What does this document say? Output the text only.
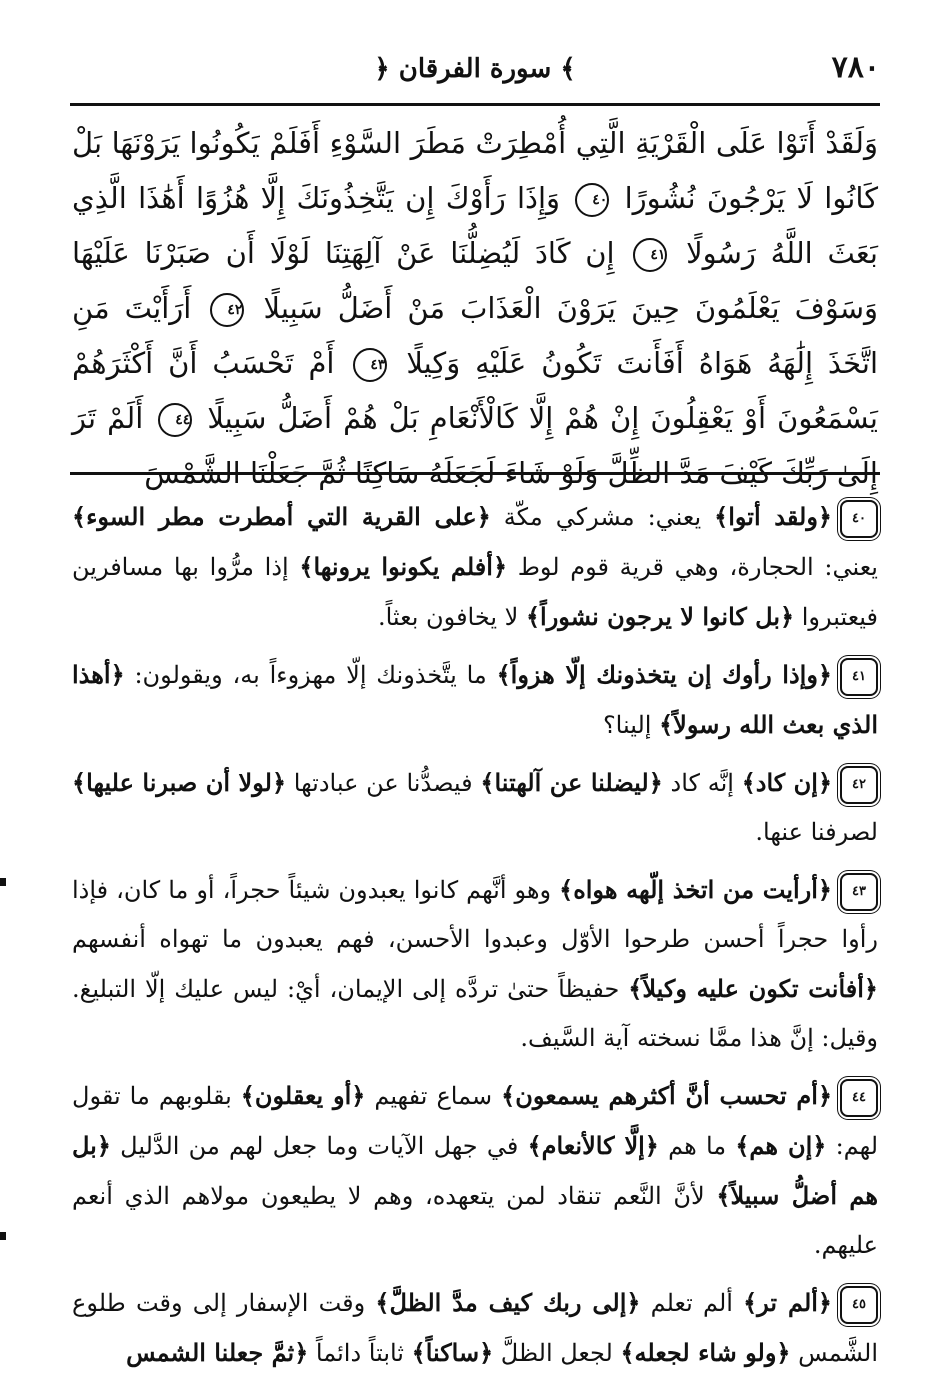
٧٨٠
﴿ سورة الفرقان ﴾
وَلَقَدْ أَتَوْا عَلَى الْقَرْيَةِ الَّتِي أُمْطِرَتْ مَطَرَ السَّوْءِ أَفَلَمْ يَكُونُوا يَرَوْنَهَا بَلْ كَانُوا لَا يَرْجُونَ نُشُورًا ٤٠ وَإِذَا رَأَوْكَ إِن يَتَّخِذُونَكَ إِلَّا هُزُوًا أَهَٰذَا الَّذِي بَعَثَ اللَّهُ رَسُولًا ٤١ إِن كَادَ لَيُضِلُّنَا عَنْ آلِهَتِنَا لَوْلَا أَن صَبَرْنَا عَلَيْهَا وَسَوْفَ يَعْلَمُونَ حِينَ يَرَوْنَ الْعَذَابَ مَنْ أَضَلُّ سَبِيلًا ٤٢ أَرَأَيْتَ مَنِ اتَّخَذَ إِلَٰهَهُ هَوَاهُ أَفَأَنتَ تَكُونُ عَلَيْهِ وَكِيلًا ٤٣ أَمْ تَحْسَبُ أَنَّ أَكْثَرَهُمْ يَسْمَعُونَ أَوْ يَعْقِلُونَ إِنْ هُمْ إِلَّا كَالْأَنْعَامِ بَلْ هُمْ أَضَلُّ سَبِيلًا ٤٤ أَلَمْ تَرَ إِلَىٰ رَبِّكَ كَيْفَ مَدَّ الظِّلَّ وَلَوْ شَاءَ لَجَعَلَهُ سَاكِنًا ثُمَّ جَعَلْنَا الشَّمْسَ

٤٠﴿ولقد أتوا﴾ يعني: مشركي مكّة ﴿على القرية التي أمطرت مطر السوء﴾ يعني: الحجارة، وهي قرية قوم لوط ﴿أفلم يكونوا يرونها﴾ إذا مرُّوا بها مسافرين فيعتبروا ﴿بل كانوا لا يرجون نشوراً﴾ لا يخافون بعثاً.

٤١﴿وإذا رأوك إن يتخذونك إلّا هزواً﴾ ما يتَّخذونك إلّا مهزوءاً به، ويقولون: ﴿أهذا الذي بعث الله رسولاً﴾ إلينا؟

٤٢﴿إن كاد﴾ إنَّه كاد ﴿ليضلنا عن آلهتنا﴾ فيصدُّنا عن عبادتها ﴿لولا أن صبرنا عليها﴾ لصرفنا عنها.

٤٣﴿أرأيت من اتخذ إلّهه هواه﴾ وهو أنَّهم كانوا يعبدون شيئاً حجراً، أو ما كان، فإذا رأوا حجراً أحسن طرحوا الأوّل وعبدوا الأحسن، فهم يعبدون ما تهواه أنفسهم ﴿أفأنت تكون عليه وكيلاً﴾ حفيظاً حتىٰ تردَّه إلى الإيمان، أيْ: ليس عليك إلّا التبليغ. وقيل: إنَّ هذا ممَّا نسخته آية السَّيف.

٤٤﴿أم تحسب أنَّ أكثرهم يسمعون﴾ سماع تفهيم ﴿أو يعقلون﴾ بقلوبهم ما تقول لهم: ﴿إن هم﴾ ما هم ﴿إلَّا كالأنعام﴾ في جهل الآيات وما جعل لهم من الدَّليل ﴿بل هم أضلُّ سبيلاً﴾ لأنَّ النَّعم تنقاد لمن يتعهده، وهم لا يطيعون مولاهم الذي أنعم عليهم.

٤٥﴿ألم تر﴾ ألم تعلم ﴿إلى ربك كيف مدَّ الظلَّ﴾ وقت الإسفار إلى وقت طلوع الشَّمس ﴿ولو شاء لجعله﴾ لجعل الظلَّ ﴿ساكناً﴾ ثابتاً دائماً ﴿ثمَّ جعلنا الشمس
